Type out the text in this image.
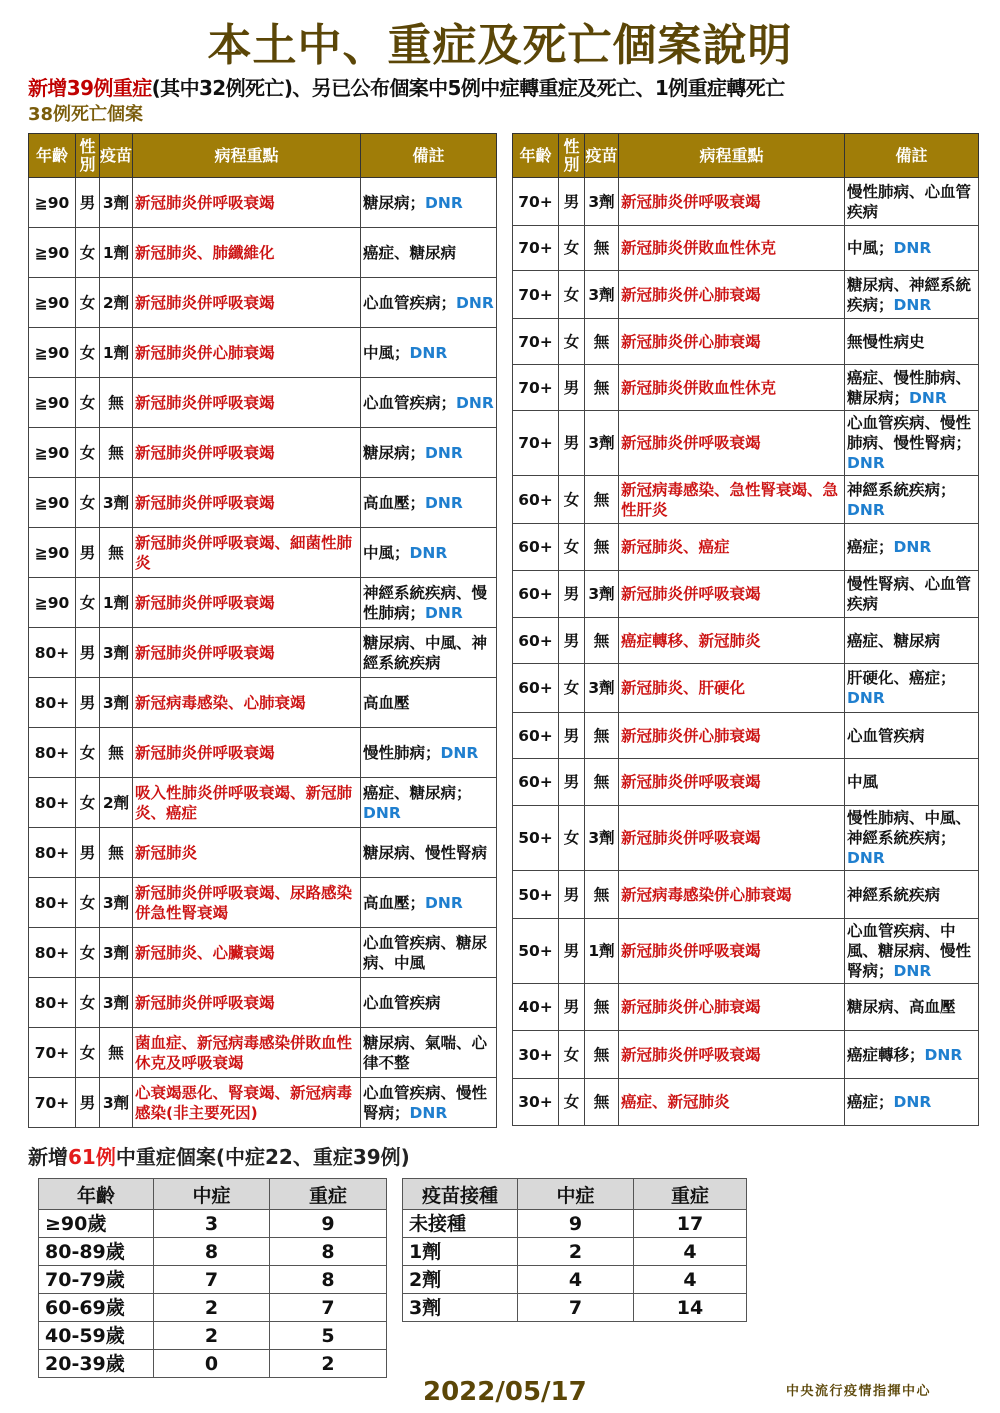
本土中、重症及死亡個案說明
新增39例重症(其中32例死亡)、另已公布個案中5例中症轉重症及死亡、1例重症轉死亡
38例死亡個案
年齡	性別	疫苗	病程重點	備註
≧90	男	3劑	新冠肺炎併呼吸衰竭	糖尿病；DNR
≧90	女	1劑	新冠肺炎、肺纖維化	癌症、糖尿病
≧90	女	2劑	新冠肺炎併呼吸衰竭	心血管疾病；DNR
≧90	女	1劑	新冠肺炎併心肺衰竭	中風；DNR
≧90	女	無	新冠肺炎併呼吸衰竭	心血管疾病；DNR
≧90	女	無	新冠肺炎併呼吸衰竭	糖尿病；DNR
≧90	女	3劑	新冠肺炎併呼吸衰竭	高血壓；DNR
≧90	男	無	新冠肺炎併呼吸衰竭、細菌性肺炎	中風；DNR
≧90	女	1劑	新冠肺炎併呼吸衰竭	神經系統疾病、慢性肺病；DNR
80+	男	3劑	新冠肺炎併呼吸衰竭	糖尿病、中風、神經系統疾病
80+	男	3劑	新冠病毒感染、心肺衰竭	高血壓
80+	女	無	新冠肺炎併呼吸衰竭	慢性肺病；DNR
80+	女	2劑	吸入性肺炎併呼吸衰竭、新冠肺炎、癌症	癌症、糖尿病；DNR
80+	男	無	新冠肺炎	糖尿病、慢性腎病
80+	女	3劑	新冠肺炎併呼吸衰竭、尿路感染併急性腎衰竭	高血壓；DNR
80+	女	3劑	新冠肺炎、心臟衰竭	心血管疾病、糖尿病、中風
80+	女	3劑	新冠肺炎併呼吸衰竭	心血管疾病
70+	女	無	菌血症、新冠病毒感染併敗血性休克及呼吸衰竭	糖尿病、氣喘、心律不整
70+	男	3劑	心衰竭惡化、腎衰竭、新冠病毒感染(非主要死因)	心血管疾病、慢性腎病；DNR
年齡	性別	疫苗	病程重點	備註
70+	男	3劑	新冠肺炎併呼吸衰竭	慢性肺病、心血管疾病
70+	女	無	新冠肺炎併敗血性休克	中風；DNR
70+	女	3劑	新冠肺炎併心肺衰竭	糖尿病、神經系統疾病；DNR
70+	女	無	新冠肺炎併心肺衰竭	無慢性病史
70+	男	無	新冠肺炎併敗血性休克	癌症、慢性肺病、糖尿病；DNR
70+	男	3劑	新冠肺炎併呼吸衰竭	心血管疾病、慢性肺病、慢性腎病；DNR
60+	女	無	新冠病毒感染、急性腎衰竭、急性肝炎	神經系統疾病；DNR
60+	女	無	新冠肺炎、癌症	癌症；DNR
60+	男	3劑	新冠肺炎併呼吸衰竭	慢性腎病、心血管疾病
60+	男	無	癌症轉移、新冠肺炎	癌症、糖尿病
60+	女	3劑	新冠肺炎、肝硬化	肝硬化、癌症；DNR
60+	男	無	新冠肺炎併心肺衰竭	心血管疾病
60+	男	無	新冠肺炎併呼吸衰竭	中風
50+	女	3劑	新冠肺炎併呼吸衰竭	慢性肺病、中風、神經系統疾病；DNR
50+	男	無	新冠病毒感染併心肺衰竭	神經系統疾病
50+	男	1劑	新冠肺炎併呼吸衰竭	心血管疾病、中風、糖尿病、慢性腎病；DNR
40+	男	無	新冠肺炎併心肺衰竭	糖尿病、高血壓
30+	女	無	新冠肺炎併呼吸衰竭	癌症轉移；DNR
30+	女	無	癌症、新冠肺炎	癌症；DNR
新增61例中重症個案(中症22、重症39例)
年齡	中症	重症
≥90歲	3	9
80-89歲	8	8
70-79歲	7	8
60-69歲	2	7
40-59歲	2	5
20-39歲	0	2
疫苗接種	中症	重症
未接種	9	17
1劑	2	4
2劑	4	4
3劑	7	14
2022/05/17	中央流行疫情指揮中心
